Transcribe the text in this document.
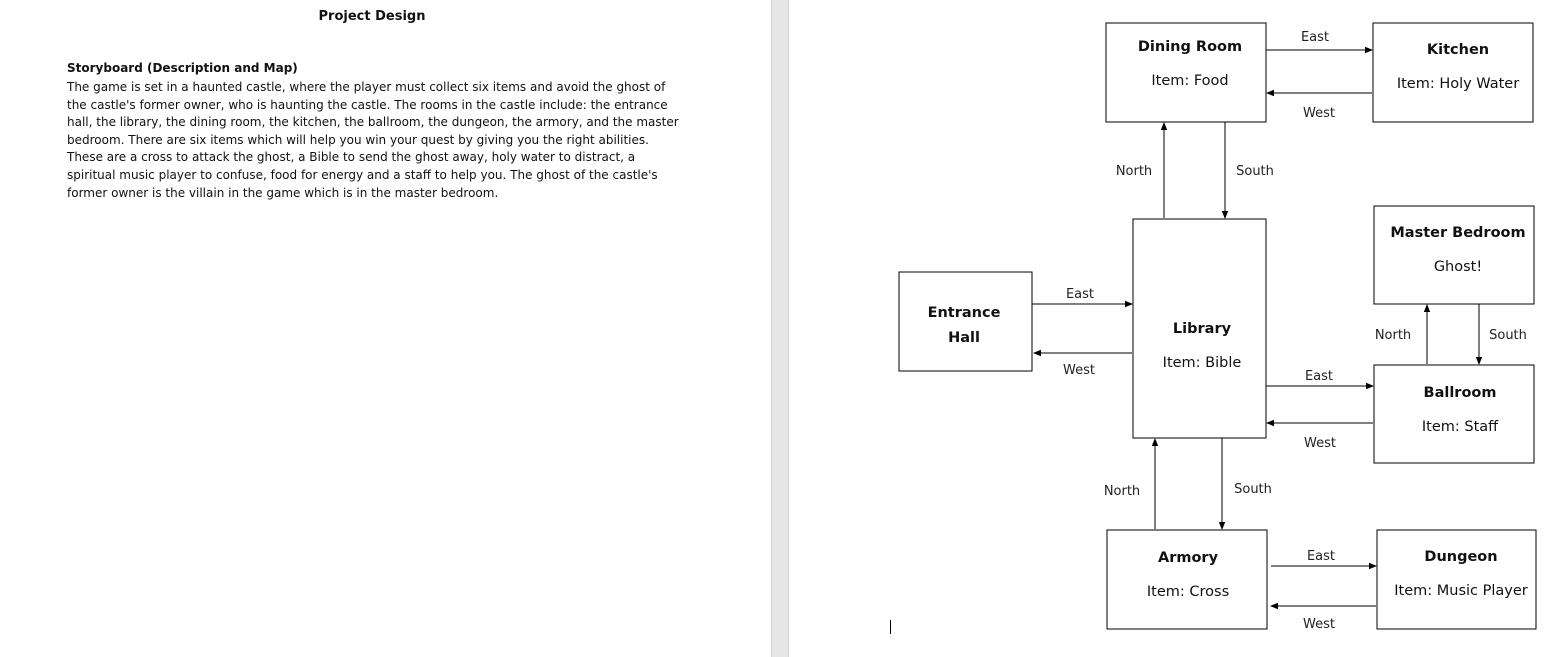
Project Design
Storyboard (Description and Map)
The game is set in a haunted castle, where the player must collect six items and avoid the ghost of the castle's former owner, who is haunting the castle. The rooms in the castle include: the entrance hall, the library, the dining room, the kitchen, the ballroom, the dungeon, the armory, and the master bedroom. There are six items which will help you win your quest by giving you the right abilities. These are a cross to attack the ghost, a Bible to send the ghost away, holy water to distract, a spiritual music player to confuse, food for energy and a staff to help you. The ghost of the castle's former owner is the villain in the game which is in the master bedroom.
Dining Room
Item: Food
Kitchen
Item: Holy Water
Master Bedroom
Ghost!
Entrance
Hall
Library
Item: Bible
Ballroom
Item: Staff
Armory
Item: Cross
Dungeon
Item: Music Player
East
West
North	South
East
West
North	South
East
West
North	South
East
West
